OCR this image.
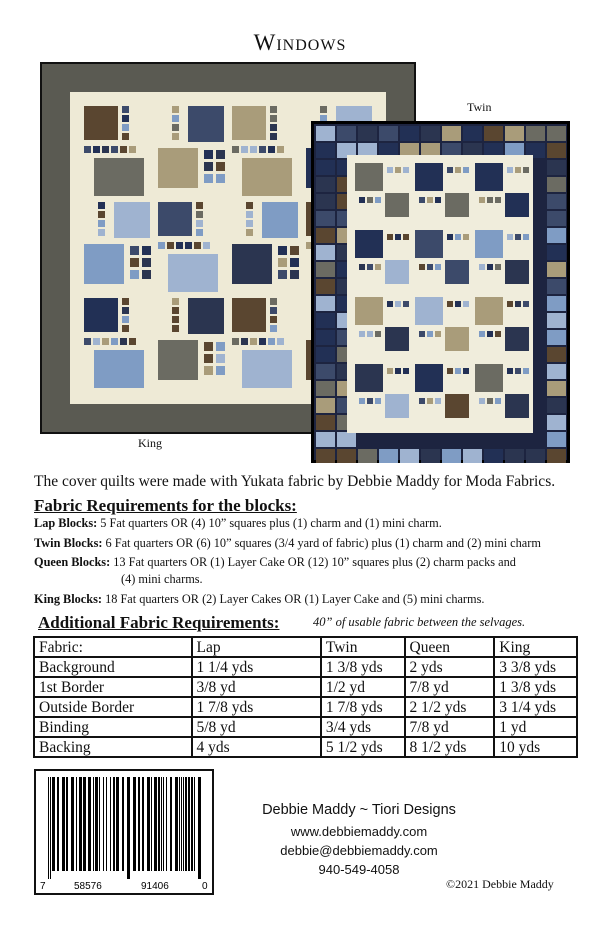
Windows
King
Twin
The cover quilts were made with Yukata fabric by Debbie Maddy for Moda Fabrics.
Fabric Requirements for the blocks:
Lap Blocks: 5 Fat quarters OR (4) 10” squares plus (1) charm and (1) mini charm.
Twin Blocks: 6 Fat quarters OR (6) 10” squares (3/4 yard of fabric) plus (1) charm and (2) mini charm
Queen Blocks: 13 Fat quarters OR (1) Layer Cake OR (12) 10” squares plus (2) charm packs and
(4) mini charms.
King Blocks: 18 Fat quarters OR (2) Layer Cakes OR (1) Layer Cake and (5) mini charms.
Additional Fabric Requirements:	40” of usable fabric between the selvages.
Fabric:	Lap	Twin	Queen	King
Background	1 1/4 yds	1 3/8 yds	2 yds	3 3/8 yds
1st Border	3/8 yd	1/2 yd	7/8 yd	1 3/8 yds
Outside Border	1 7/8 yds	1 7/8 yds	2 1/2 yds	3 1/4 yds
Binding	5/8 yd	3/4 yds	7/8 yd	1 yd
Backing	4 yds	5 1/2 yds	8 1/2 yds	10 yds
7	58576	91406	0
Debbie Maddy ~ Tiori Designs
www.debbiemaddy.com
debbie@debbiemaddy.com
940-549-4058
©2021 Debbie Maddy
